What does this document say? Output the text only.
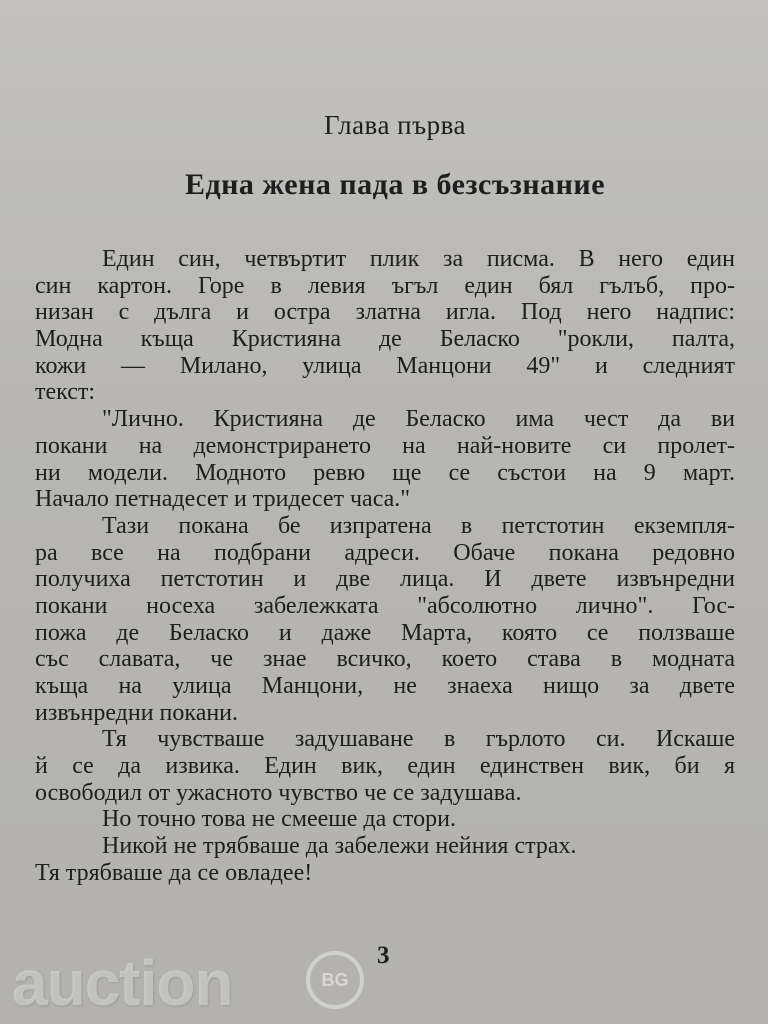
Глава първа
Една жена пада в безсъзнание
Един син, четвъртит плик за писма. В него един
син картон. Горе в левия ъгъл един бял гълъб, про-
низан с дълга и остра златна игла. Под него надпис:
Модна къща Кристияна де Беласко "рокли, палта,
кожи — Милано, улица Манцони 49" и следният
текст:
"Лично. Кристияна де Беласко има чест да ви
покани на демонстрирането на най-новите си пролет-
ни модели. Модното ревю ще се състои на 9 март.
Начало петнадесет и тридесет часа."
Тази покана бе изпратена в петстотин екземпля-
ра все на подбрани адреси. Обаче покана редовно
получиха петстотин и две лица. И двете извънредни
покани носеха забележката "абсолютно лично". Гос-
пожа де Беласко и даже Марта, която се ползваше
със славата, че знае всичко, което става в модната
къща на улица Манцони, не знаеха нищо за двете
извънредни покани.
Тя чувстваше задушаване в гърлото си. Искаше
й се да извика. Един вик, един единствен вик, би я
освободил от ужасното чувство че се задушава.
Но точно това не смееше да стори.
Никой не трябваше да забележи нейния страх.
Тя трябваше да се овладее!
3
auction	BG
